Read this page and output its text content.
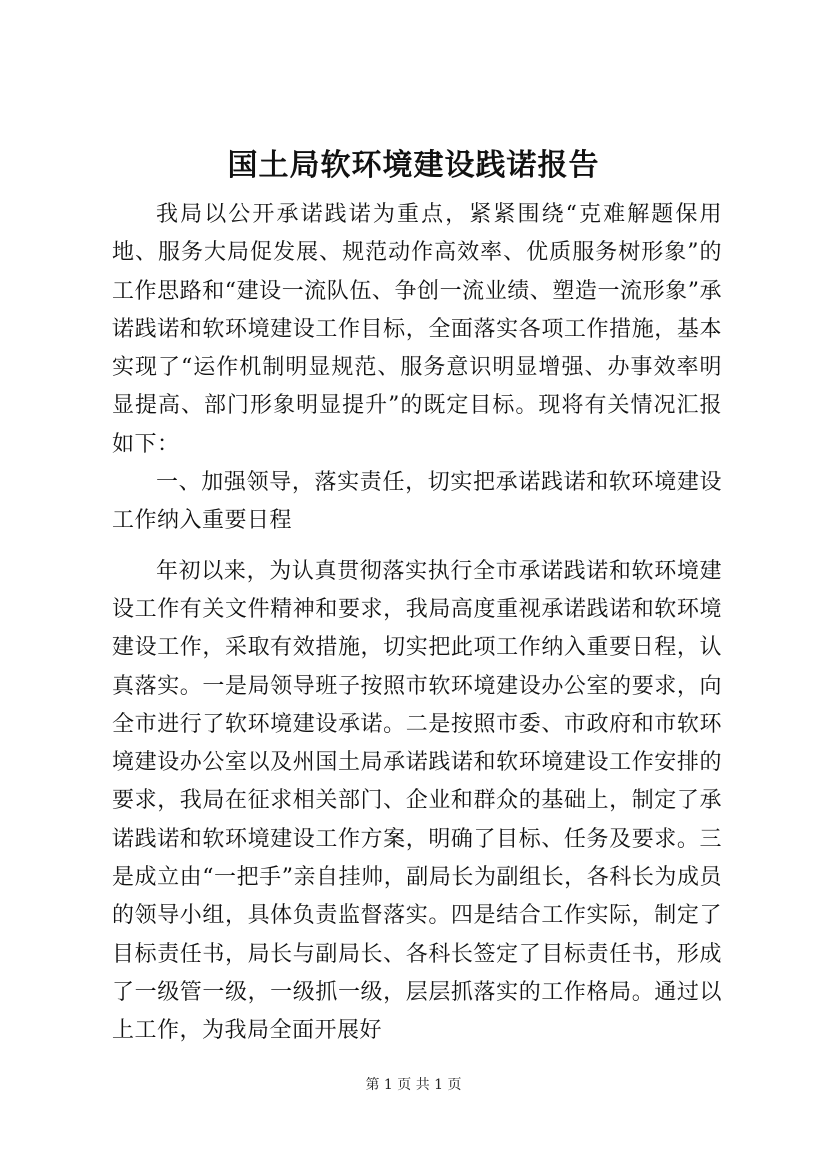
国土局软环境建设践诺报告

我局以公开承诺践诺为重点，紧紧围绕“克难解题保用地、服务大局促发展、规范动作高效率、优质服务树形象”的工作思路和“建设一流队伍、争创一流业绩、塑造一流形象”承诺践诺和软环境建设工作目标，全面落实各项工作措施，基本实现了“运作机制明显规范、服务意识明显增强、办事效率明显提高、部门形象明显提升”的既定目标。现将有关情况汇报如下：

一、加强领导，落实责任，切实把承诺践诺和软环境建设工作纳入重要日程

年初以来，为认真贯彻落实执行全市承诺践诺和软环境建设工作有关文件精神和要求，我局高度重视承诺践诺和软环境建设工作，采取有效措施，切实把此项工作纳入重要日程，认真落实。一是局领导班子按照市软环境建设办公室的要求，向全市进行了软环境建设承诺。二是按照市委、市政府和市软环境建设办公室以及州国土局承诺践诺和软环境建设工作安排的要求，我局在征求相关部门、企业和群众的基础上，制定了承诺践诺和软环境建设工作方案，明确了目标、任务及要求。三是成立由“一把手”亲自挂帅，副局长为副组长，各科长为成员的领导小组，具体负责监督落实。四是结合工作实际，制定了目标责任书，局长与副局长、各科长签定了目标责任书，形成了一级管一级，一级抓一级，层层抓落实的工作格局。通过以上工作，为我局全面开展好

第 1 页 共 1 页
